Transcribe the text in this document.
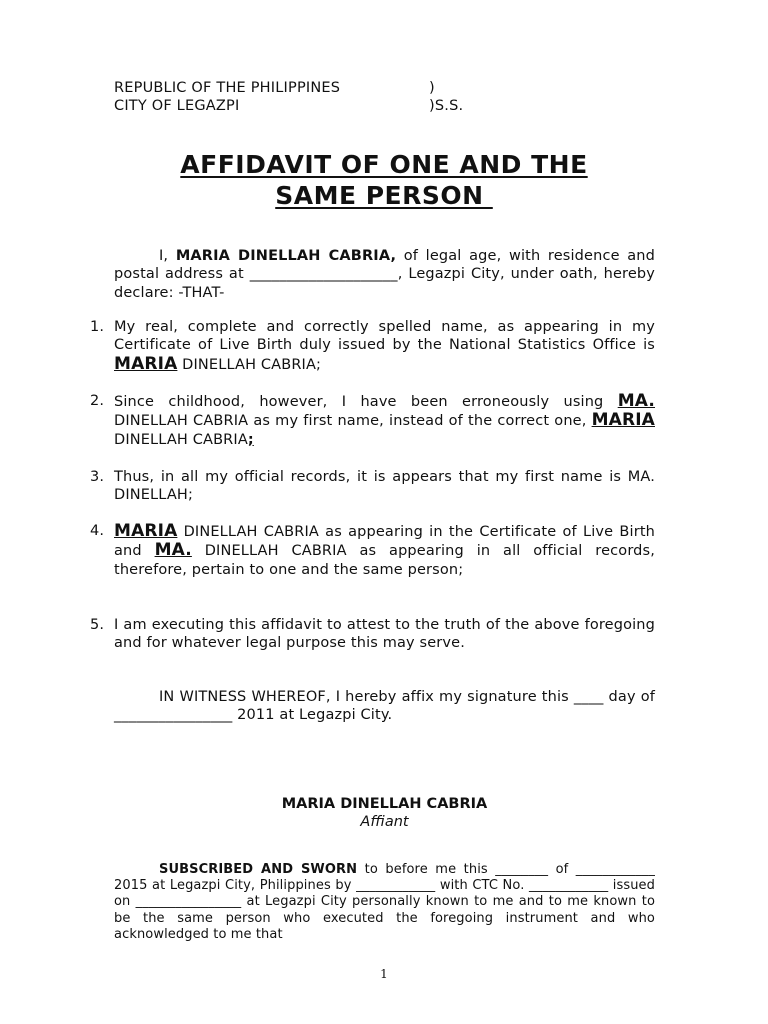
REPUBLIC OF THE PHILIPPINES	)
CITY OF LEGAZPI	)S.S.
AFFIDAVIT OF ONE AND THE
SAME PERSON
I, MARIA DINELLAH CABRIA, of legal age, with residence and postal address at ____________________, Legazpi City, under oath, hereby declare: -THAT-
1. My real, complete and correctly spelled name, as appearing in my Certificate of Live Birth duly issued by the National Statistics Office is MARIA DINELLAH CABRIA;
2. Since childhood, however, I have been erroneously using MA. DINELLAH CABRIA as my first name, instead of the correct one, MARIA DINELLAH CABRIA;
3. Thus, in all my official records, it is appears that my first name is MA. DINELLAH;
4. MARIA DINELLAH CABRIA as appearing in the Certificate of Live Birth and MA. DINELLAH CABRIA as appearing in all official records, therefore, pertain to one and the same person;
5. I am executing this affidavit to attest to the truth of the above foregoing and for whatever legal purpose this may serve.
IN WITNESS WHEREOF, I hereby affix my signature this ____ day of ________________ 2011 at Legazpi City.
MARIA DINELLAH CABRIA
Affiant
SUBSCRIBED AND SWORN to before me this ________ of ____________ 2015 at Legazpi City, Philippines by ____________ with CTC No. ____________ issued on ________________ at Legazpi City personally known to me and to me known to be the same person who executed the foregoing instrument and who acknowledged to me that
1
